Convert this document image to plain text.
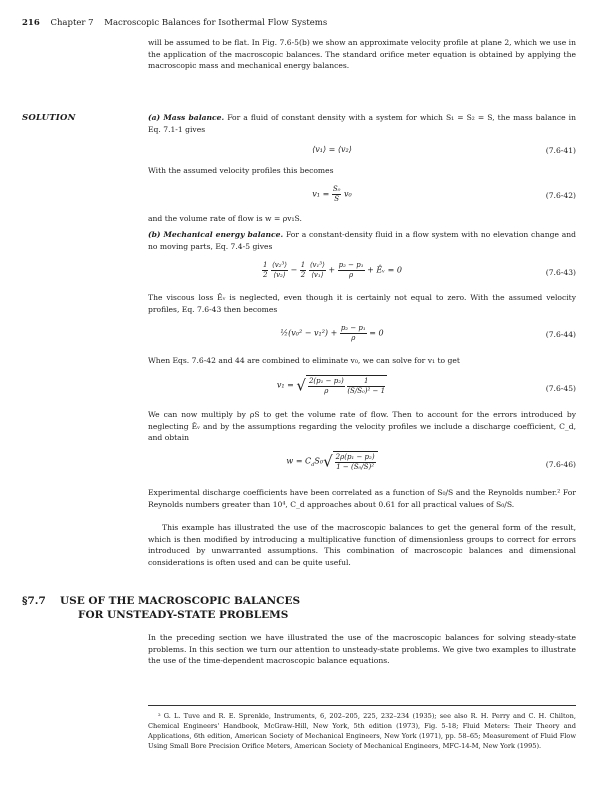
216 Chapter 7 Macroscopic Balances for Isothermal Flow Systems

will be assumed to be flat. In Fig. 7.6-5(b) we show an approximate velocity profile at plane 2, which we use in the application of the macroscopic balances. The standard orifice meter equation is obtained by applying the macroscopic mass and mechanical energy balances.

SOLUTION	(a) Mass balance. For a fluid of constant density with a system for which S₁ = S₂ = S, the mass balance in Eq. 7.1-1 gives

⟨v₁⟩ = ⟨v₂⟩	(7.6-41)

With the assumed velocity profiles this becomes

$v_1 = \frac{\text{S₀}}{S} v_0$	(7.6-42)

and the volume rate of flow is w = ρv₁S.

(b) Mechanical energy balance. For a constant-density fluid in a flow system with no elevation change and no moving parts, Eq. 7.4-5 gives

$\frac{1}{2}$
$\frac{\text{⟨v₂³⟩}}{\text{⟨v₂⟩}} - \frac{1}{2}$
$\frac{\text{⟨v₁³⟩}}{\text{⟨v₁⟩}} + \frac{\text{p₂ − p₁}}{\rho}$ + Êᵥ = 0	(7.6-43)

The viscous loss Êᵥ is neglected, even though it is certainly not equal to zero. With the assumed velocity profiles, Eq. 7.6-43 then becomes

½(v₀² − $v_1^2) + \frac{\text{p₂ − p₁}}{\rho} = 0$	(7.6-44)

When Eqs. 7.6-42 and 44 are combined to eliminate v₀, we can solve for v₁ to get

v₁ = √ $\frac{\text{2(p₁ − p₂)}}{\rho}$
$\frac{1}{\text{(S/S₀)² − 1}}$	(7.6-45)

We can now multiply by ρS to get the volume rate of flow. Then to account for the errors introduced by neglecting Êᵥ and by the assumptions regarding the velocity profiles we include a discharge coefficient, C_d, and obtain

$w = C_dS_0√ \frac{\text{2ρ(p₁ − p₂)}}{\text{1 − (S₀/S)²}}$	(7.6-46)

Experimental discharge coefficients have been correlated as a function of S₀/S and the Reynolds number.² For Reynolds numbers greater than 10⁴, C_d approaches about 0.61 for all practical values of S₀/S.

This example has illustrated the use of the macroscopic balances to get the general form of the result, which is then modified by introducing a multiplicative function of dimensionless groups to correct for errors introduced by unwarranted assumptions. This combination of macroscopic balances and dimensional considerations is often used and can be quite useful.

§7.7 USE OF THE MACROSCOPIC BALANCES
FOR UNSTEADY-STATE PROBLEMS

In the preceding section we have illustrated the use of the macroscopic balances for solving steady-state problems. In this section we turn our attention to unsteady-state problems. We give two examples to illustrate the use of the time-dependent macroscopic balance equations.

² G. L. Tuve and R. E. Sprenkle, Instruments, 6, 202–205, 225, 232–234 (1935); see also R. H. Perry and C. H. Chilton, Chemical Engineers' Handbook, McGraw-Hill, New York, 5th edition (1973), Fig. 5-18; Fluid Meters: Their Theory and Applications, 6th edition, American Society of Mechanical Engineers, New York (1971), pp. 58–65; Measurement of Fluid Flow Using Small Bore Precision Orifice Meters, American Society of Mechanical Engineers, MFC-14-M, New York (1995).
